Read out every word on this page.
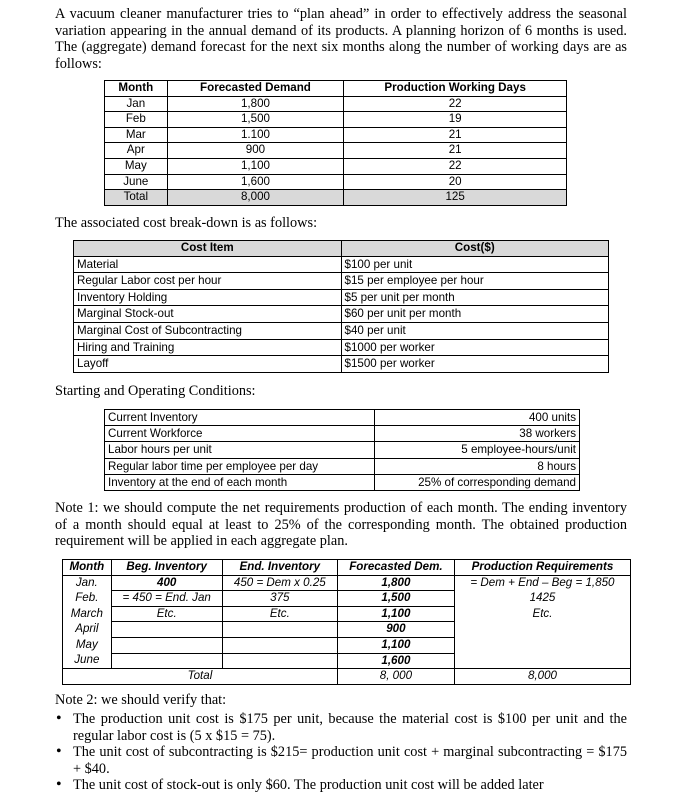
A vacuum cleaner manufacturer tries to “plan ahead” in order to effectively address the seasonal variation appearing in the annual demand of its products. A planning horizon of 6 months is used. The (aggregate) demand forecast for the next six months along the number of working days are as follows:
Month	Forecasted Demand	Production Working Days
Jan	1,800	22
Feb	1,500	19
Mar	1.100	21
Apr	900	21
May	1,100	22
June	1,600	20
Total	8,000	125
The associated cost break-down is as follows:
Cost Item	Cost($)
Material	$100 per unit
Regular Labor cost per hour	$15 per employee per hour
Inventory Holding	$5 per unit per month
Marginal Stock-out	$60 per unit per month
Marginal Cost of Subcontracting	$40 per unit
Hiring and Training	$1000 per worker
Layoff	$1500 per worker
Starting and Operating Conditions:
Current Inventory	400 units
Current Workforce	38 workers
Labor hours per unit	5 employee-hours/unit
Regular labor time per employee per day	8 hours
Inventory at the end of each month	25% of corresponding demand
Note 1: we should compute the net requirements production of each month. The ending inventory of a month should equal at least to 25% of the corresponding month. The obtained production requirement will be applied in each aggregate plan.
Month	Beg. Inventory	End. Inventory	Forecasted Dem.	Production Requirements
Jan.	400	450 = Dem x 0.25	1,800	= Dem + End – Beg = 1,850
Feb.	= 450 = End. Jan	375	1,500	1425
March	Etc.	Etc.	1,100	Etc.
April			900	
May			1,100	
June			1,600	
Total			8, 000	8,000
Note 2: we should verify that:
• The production unit cost is $175 per unit, because the material cost is $100 per unit and the regular labor cost is (5 x $15 = 75).
• The unit cost of subcontracting is $215= production unit cost + marginal subcontracting = $175 + $40.
• The unit cost of stock-out is only $60. The production unit cost will be added later
